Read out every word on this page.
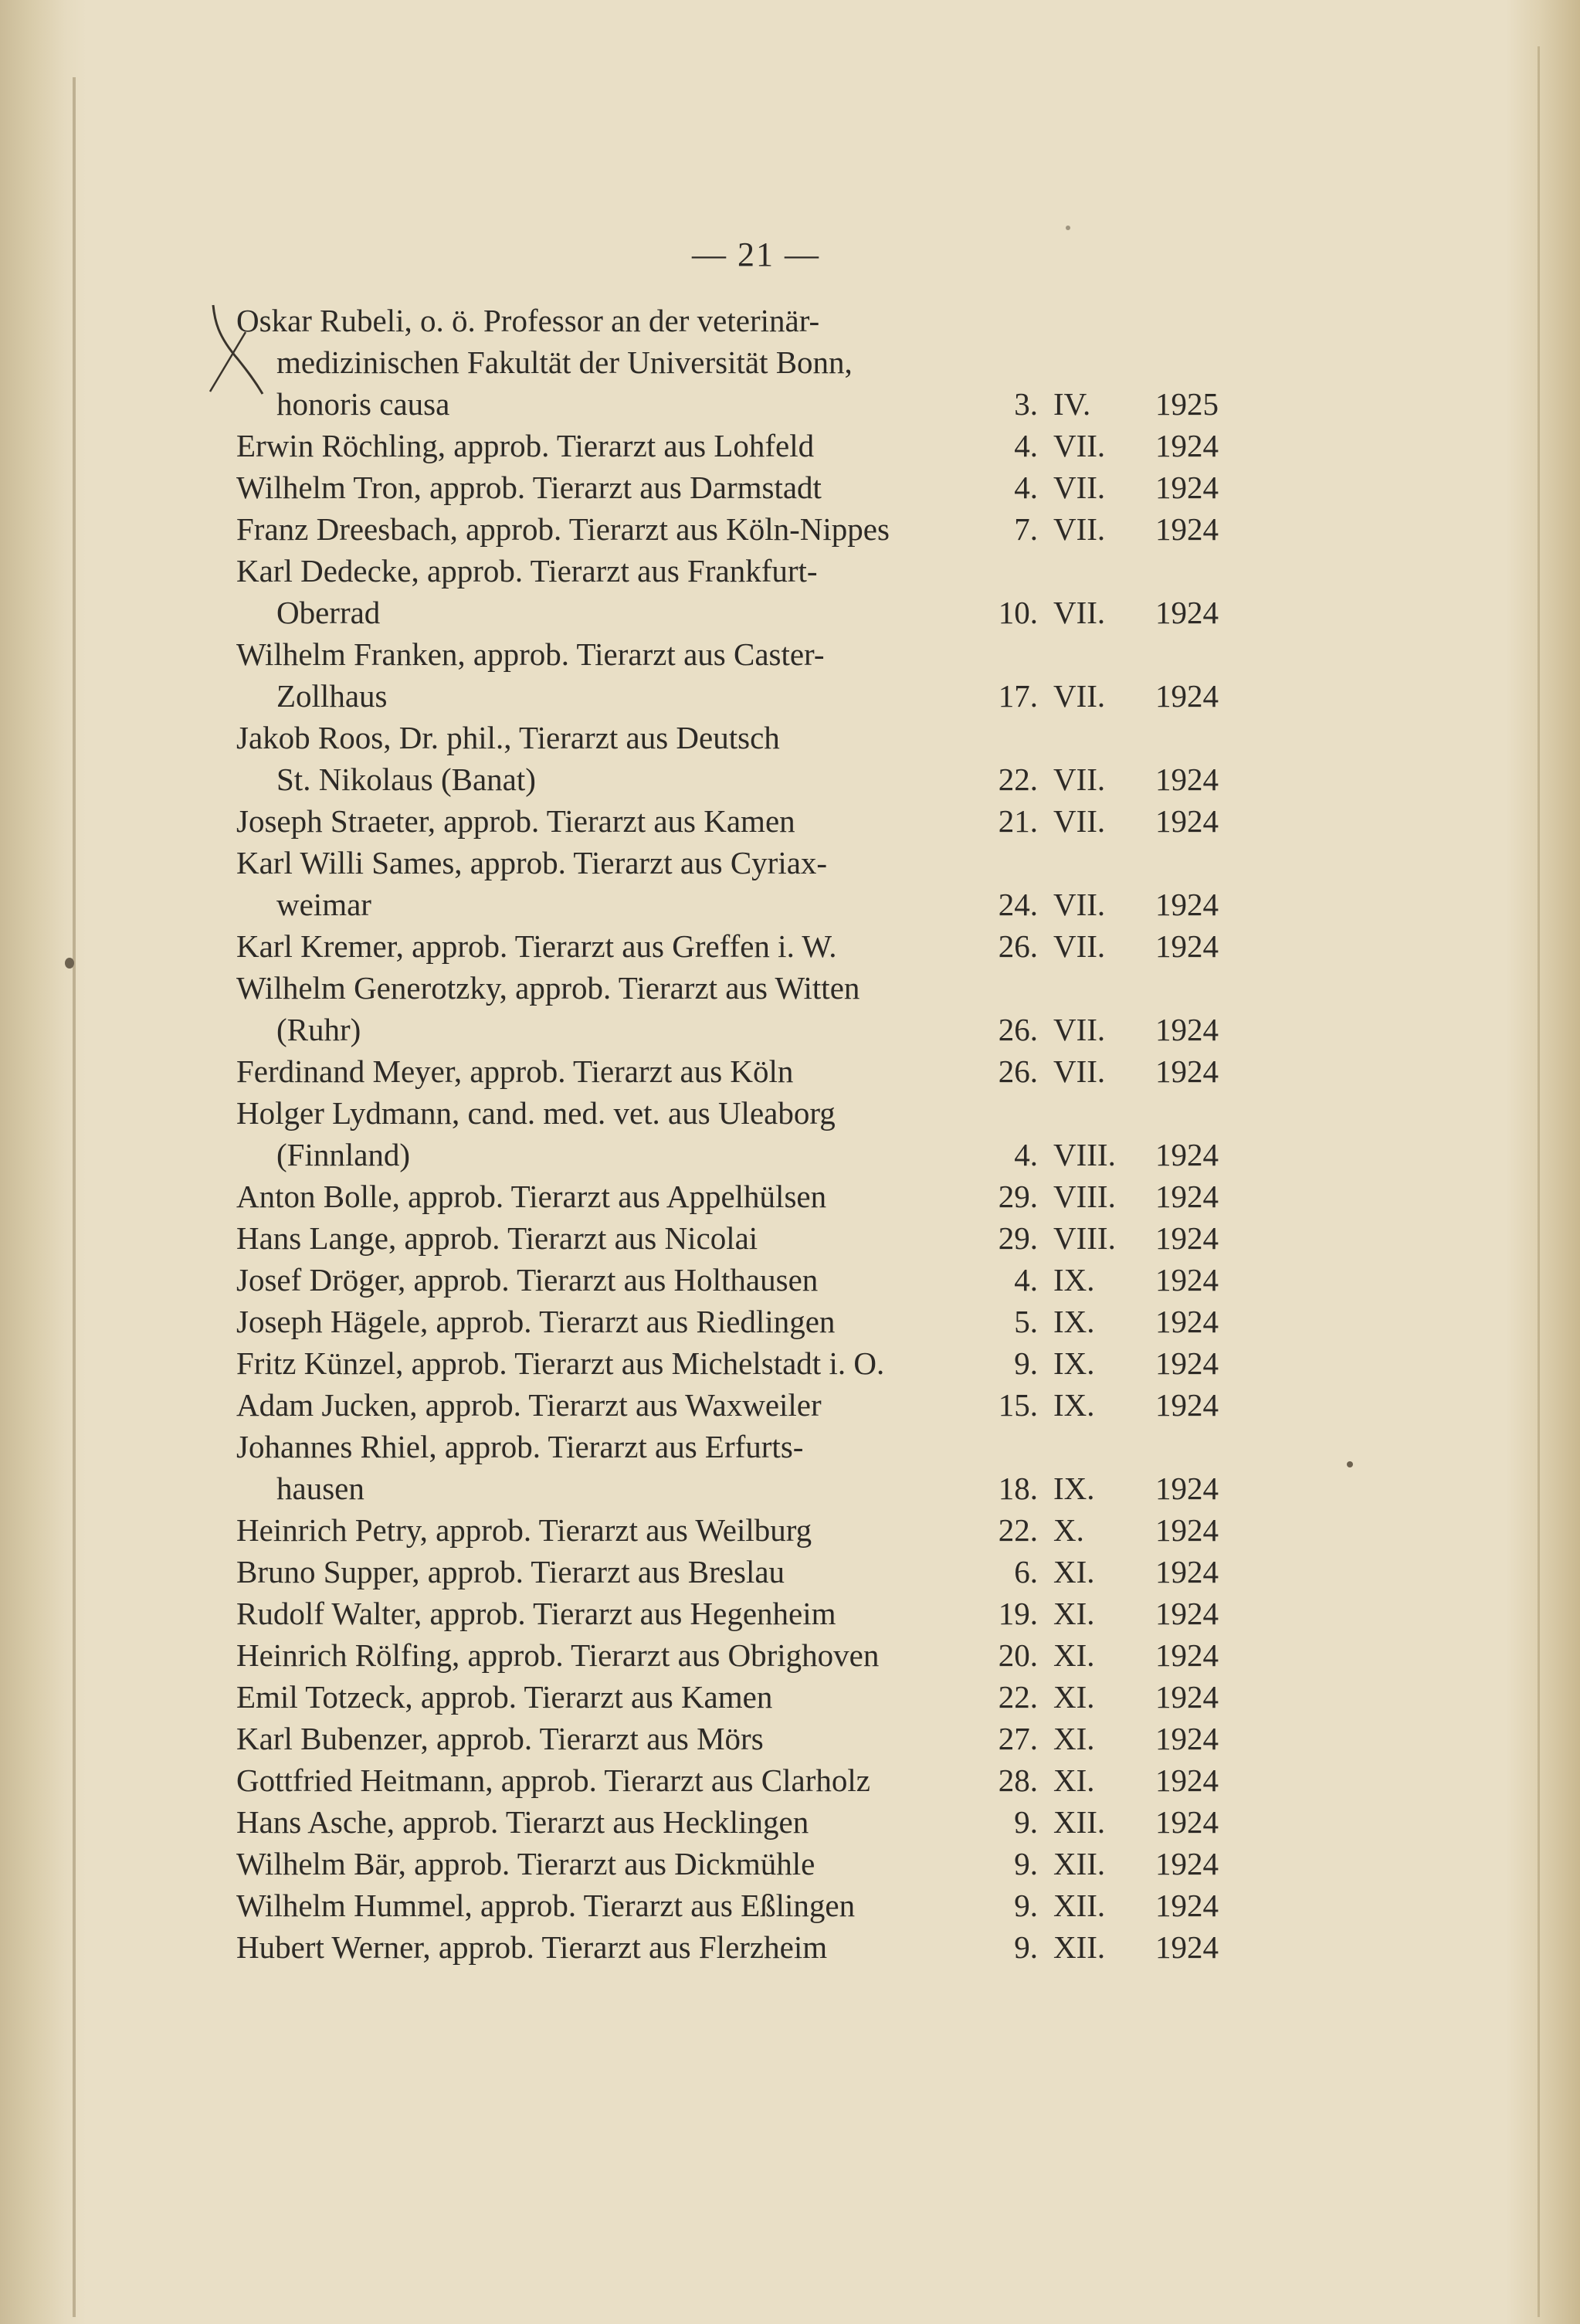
— 21 —
Oskar Rubeli, o. ö. Professor an der veterinär-
medizinischen Fakultät der Universität Bonn,
honoris causa	3. IV.	1925
Erwin Röchling, approb. Tierarzt aus Lohfeld	4. VII.	1924
Wilhelm Tron, approb. Tierarzt aus Darmstadt	4. VII.	1924
Franz Dreesbach, approb. Tierarzt aus Köln-Nippes	7. VII.	1924
Karl Dedecke, approb. Tierarzt aus Frankfurt-
Oberrad	10. VII.	1924
Wilhelm Franken, approb. Tierarzt aus Caster-
Zollhaus	17. VII.	1924
Jakob Roos, Dr. phil., Tierarzt aus Deutsch
St. Nikolaus (Banat)	22. VII.	1924
Joseph Straeter, approb. Tierarzt aus Kamen	21. VII.	1924
Karl Willi Sames, approb. Tierarzt aus Cyriax-
weimar	24. VII.	1924
Karl Kremer, approb. Tierarzt aus Greffen i. W.	26. VII.	1924
Wilhelm Generotzky, approb. Tierarzt aus Witten
(Ruhr)	26. VII.	1924
Ferdinand Meyer, approb. Tierarzt aus Köln	26. VII.	1924
Holger Lydmann, cand. med. vet. aus Uleaborg
(Finnland)	4. VIII.	1924
Anton Bolle, approb. Tierarzt aus Appelhülsen	29. VIII.	1924
Hans Lange, approb. Tierarzt aus Nicolai	29. VIII.	1924
Josef Dröger, approb. Tierarzt aus Holthausen	4. IX.	1924
Joseph Hägele, approb. Tierarzt aus Riedlingen	5. IX.	1924
Fritz Künzel, approb. Tierarzt aus Michelstadt i. O.	9. IX.	1924
Adam Jucken, approb. Tierarzt aus Waxweiler	15. IX.	1924
Johannes Rhiel, approb. Tierarzt aus Erfurts-
hausen	18. IX.	1924
Heinrich Petry, approb. Tierarzt aus Weilburg	22. X.	1924
Bruno Supper, approb. Tierarzt aus Breslau	6. XI.	1924
Rudolf Walter, approb. Tierarzt aus Hegenheim	19. XI.	1924
Heinrich Rölfing, approb. Tierarzt aus Obrighoven	20. XI.	1924
Emil Totzeck, approb. Tierarzt aus Kamen	22. XI.	1924
Karl Bubenzer, approb. Tierarzt aus Mörs	27. XI.	1924
Gottfried Heitmann, approb. Tierarzt aus Clarholz	28. XI.	1924
Hans Asche, approb. Tierarzt aus Hecklingen	9. XII.	1924
Wilhelm Bär, approb. Tierarzt aus Dickmühle	9. XII.	1924
Wilhelm Hummel, approb. Tierarzt aus Eßlingen	9. XII.	1924
Hubert Werner, approb. Tierarzt aus Flerzheim	9. XII.	1924
